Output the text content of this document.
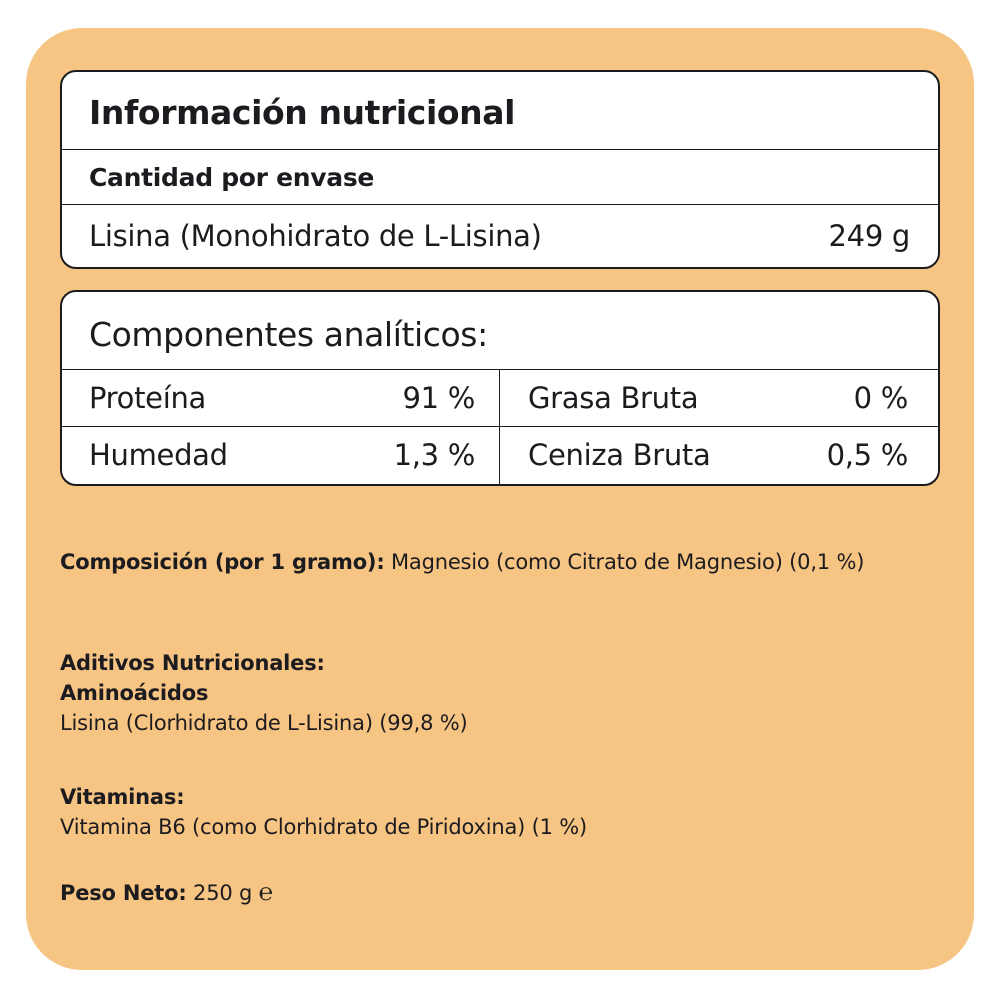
Información nutricional
Cantidad por envase
Lisina (Monohidrato de L-Lisina)	249 g
Componentes analíticos:
Proteína	91 % Grasa Bruta	0 %
Humedad	1,3 % Ceniza Bruta	0,5 %
Composición (por 1 gramo): Magnesio (como Citrato de Magnesio) (0,1 %)
Aditivos Nutricionales:
Aminoácidos
Lisina (Clorhidrato de L-Lisina) (99,8 %)
Vitaminas:
Vitamina B6 (como Clorhidrato de Piridoxina) (1 %)
Peso Neto: 250 g ℮
